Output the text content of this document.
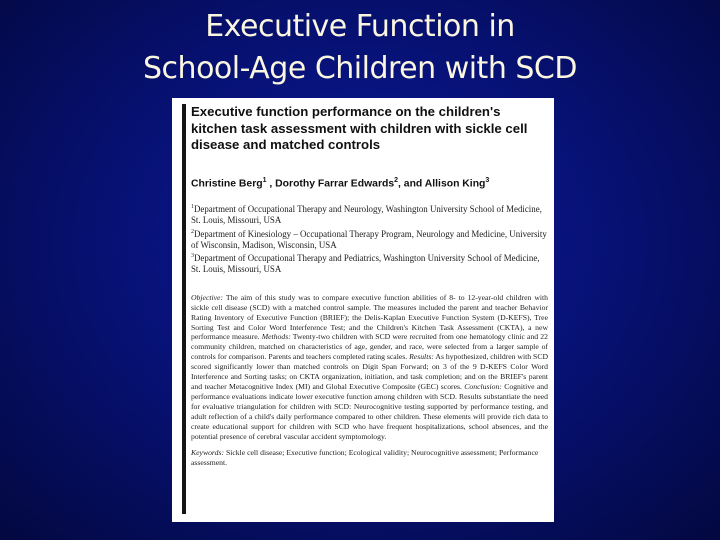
Executive Function in
School-Age Children with SCD
Executive function performance on the children's kitchen task assessment with children with sickle cell disease and matched controls
Christine Berg$^1$ , Dorothy Farrar Edwards$^2$, and Allison King$^3$
$^1$Department of Occupational Therapy and Neurology, Washington University School of Medicine, St. Louis, Missouri, USA
$^2$Department of Kinesiology – Occupational Therapy Program, Neurology and Medicine, University of Wisconsin, Madison, Wisconsin, USA
$^3$Department of Occupational Therapy and Pediatrics, Washington University School of Medicine, St. Louis, Missouri, USA
Objective: The aim of this study was to compare executive function abilities of 8- to 12-year-old children with sickle cell disease (SCD) with a matched control sample. The measures included the parent and teacher Behavior Rating Inventory of Executive Function (BRIEF); the Delis-Kaplan Executive Function System (D-KEFS), Tree Sorting Test and Color Word Interference Test; and the Children's Kitchen Task Assessment (CKTA), a new performance measure. Methods: Twenty-two children with SCD were recruited from one hematology clinic and 22 community children, matched on characteristics of age, gender, and race, were selected from a larger sample of controls for comparison. Parents and teachers completed rating scales. Results: As hypothesized, children with SCD scored significantly lower than matched controls on Digit Span Forward; on 3 of the 9 D-KEFS Color Word Interference and Sorting tasks; on CKTA organization, initiation, and task completion; and on the BRIEF's parent and teacher Metacognitive Index (MI) and Global Executive Composite (GEC) scores. Conclusion: Cognitive and performance evaluations indicate lower executive function among children with SCD. Results substantiate the need for evaluative triangulation for children with SCD: Neurocognitive testing supported by performance testing, and adult reflection of a child's daily performance compared to other children. These elements will provide rich data to create educational support for children with SCD who have frequent hospitalizations, school absences, and the potential presence of cerebral vascular accident symptomology.
Keywords: Sickle cell disease; Executive function; Ecological validity; Neurocognitive assessment; Performance assessment.
